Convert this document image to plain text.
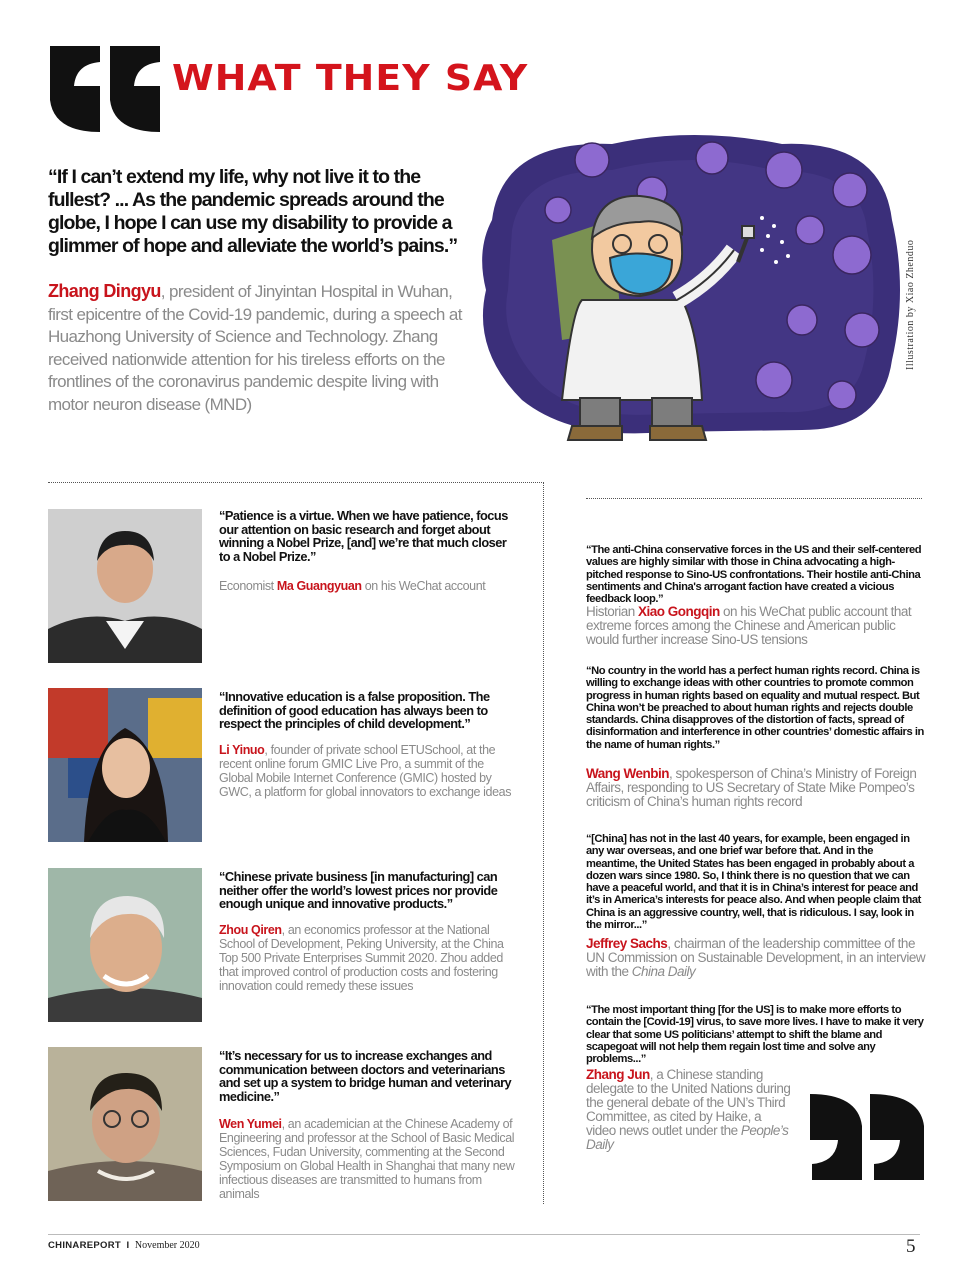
WHAT THEY SAY
“If I can’t extend my life, why not live it to the fullest? ... As the pandemic spreads around the globe, I hope I can use my disability to provide a glimmer of hope and alleviate the world’s pains.”
Zhang Dingyu, president of Jinyintan Hospital in Wuhan, first epicentre of the Covid-19 pandemic, during a speech at Huazhong University of Science and Technology. Zhang received nationwide attention for his tireless efforts on the frontlines of the coronavirus pandemic despite living with motor neuron disease (MND)
Illustration by Xiao Zhenduo
“Patience is a virtue. When we have patience, focus our attention on basic research and forget about winning a Nobel Prize, [and] we’re that much closer to a Nobel Prize.”
Economist Ma Guangyuan on his WeChat account
“Innovative education is a false proposition. The definition of good education has always been to respect the principles of child development.”
Li Yinuo, founder of private school ETUSchool, at the recent online forum GMIC Live Pro, a summit of the Global Mobile Internet Conference (GMIC) hosted by GWC, a platform for global innovators to exchange ideas
“Chinese private business [in manufacturing] can neither offer the world’s lowest prices nor provide enough unique and innovative products.”
Zhou Qiren, an economics professor at the National School of Development, Peking University, at the China Top 500 Private Enterprises Summit 2020. Zhou added that improved control of production costs and fostering innovation could remedy these issues
“It’s necessary for us to increase exchanges and communication between doctors and veterinarians and set up a system to bridge human and veterinary medicine.”
Wen Yumei, an academician at the Chinese Academy of Engineering and professor at the School of Basic Medical Sciences, Fudan University, commenting at the Second Symposium on Global Health in Shanghai that many new infectious diseases are transmitted to humans from animals
“The anti-China conservative forces in the US and their self-centered values are highly similar with those in China advocating a high-pitched response to Sino-US confrontations. Their hostile anti-China sentiments and China's arrogant faction have created a vicious feedback loop.”
Historian Xiao Gongqin on his WeChat public account that extreme forces among the Chinese and American public would further increase Sino-US tensions
“No country in the world has a perfect human rights record. China is willing to exchange ideas with other countries to promote common progress in human rights based on equality and mutual respect. But China won’t be preached to about human rights and rejects double standards. China disapproves of the distortion of facts, spread of disinformation and interference in other countries’ domestic affairs in the name of human rights.”
Wang Wenbin, spokesperson of China’s Ministry of Foreign Affairs, responding to US Secretary of State Mike Pompeo’s criticism of China’s human rights record
“[China] has not in the last 40 years, for example, been engaged in any war overseas, and one brief war before that. And in the meantime, the United States has been engaged in probably about a dozen wars since 1980. So, I think there is no question that we can have a peaceful world, and that it is in China’s interest for peace and it’s in America’s interests for peace also. And when people claim that China is an aggressive country, well, that is ridiculous. I say, look in the mirror...”
Jeffrey Sachs, chairman of the leadership committee of the UN Commission on Sustainable Development, in an interview with the China Daily
“The most important thing [for the US] is to make more efforts to contain the [Covid-19] virus, to save more lives. I have to make it very clear that some US politicians’ attempt to shift the blame and scapegoat will not help them regain lost time and solve any problems...”
Zhang Jun, a Chinese standing delegate to the United Nations during the general debate of the UN’s Third Committee, as cited by Haike, a video news outlet under the People’s Daily
CHINAREPORT I November 2020	5
